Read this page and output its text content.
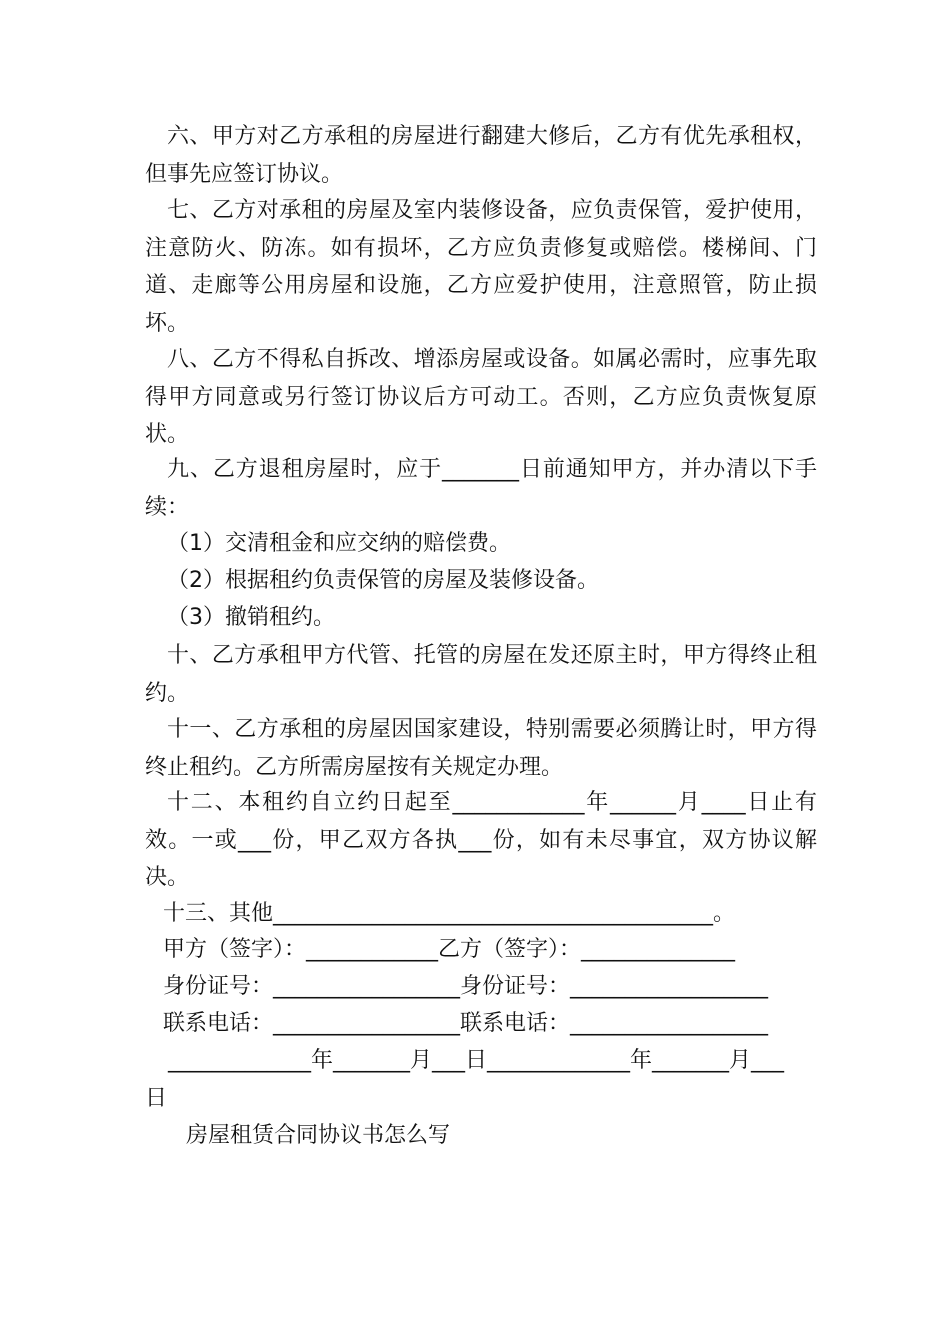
六、甲方对乙方承租的房屋进行翻建大修后，乙方有优先承租权，但事先应签订协议。

七、乙方对承租的房屋及室内装修设备，应负责保管，爱护使用，注意防火、防冻。如有损坏，乙方应负责修复或赔偿。楼梯间、门道、走廊等公用房屋和设施，乙方应爱护使用，注意照管，防止损坏。

八、乙方不得私自拆改、增添房屋或设备。如属必需时，应事先取得甲方同意或另行签订协议后方可动工。否则，乙方应负责恢复原状。

九、乙方退租房屋时，应于_______日前通知甲方，并办清以下手续：

（1）交清租金和应交纳的赔偿费。

（2）根据租约负责保管的房屋及装修设备。

（3）撤销租约。

十、乙方承租甲方代管、托管的房屋在发还原主时，甲方得终止租约。

十一、乙方承租的房屋因国家建设，特别需要必须腾让时，甲方得终止租约。乙方所需房屋按有关规定办理。

十二、本租约自立约日起至____________年______月____日止有效。一或___份，甲乙双方各执___份，如有未尽事宜，双方协议解决。

十三、其他________________________________________。

甲方（签字）：____________乙方（签字）：______________

身份证号：_________________身份证号：__________________

联系电话：_________________联系电话：__________________

_____________年_______月___日_____________年_______月___

日

房屋租赁合同协议书怎么写
